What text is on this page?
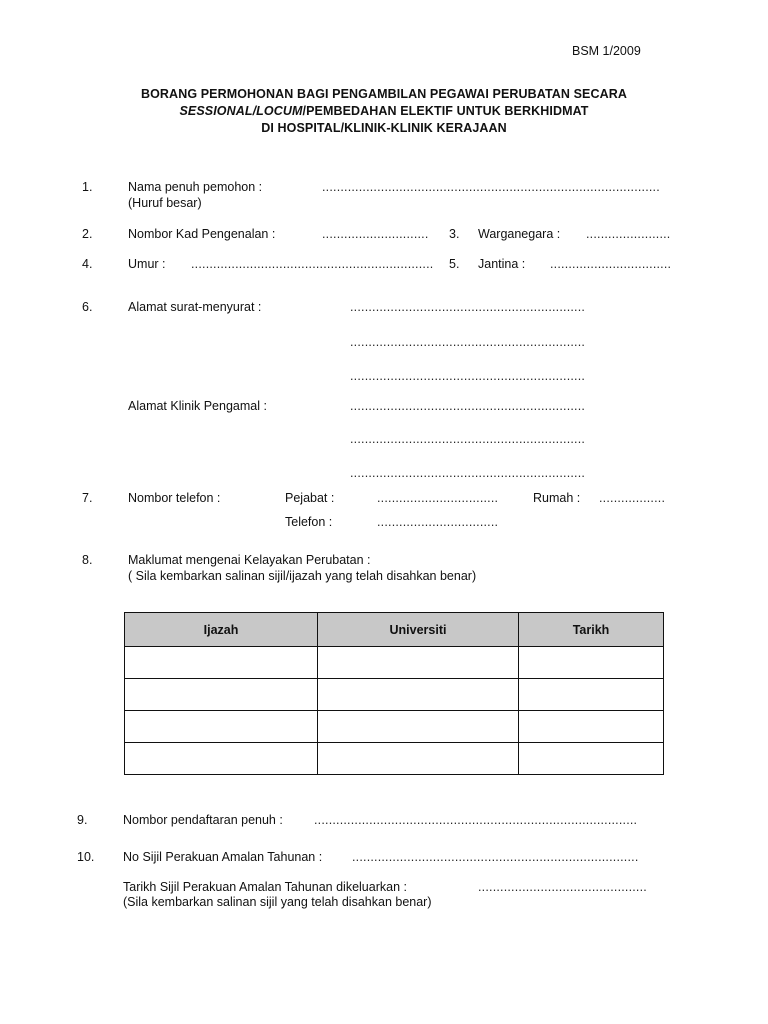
BSM 1/2009
BORANG PERMOHONAN BAGI PENGAMBILAN PEGAWAI PERUBATAN SECARA
SESSIONAL/LOCUM/PEMBEDAHAN ELEKTIF UNTUK BERKHIDMAT
DI HOSPITAL/KLINIK-KLINIK KERAJAAN
1.	Nama penuh pemohon :
(Huruf besar)
............................................................................................
2.	Nombor Kad Pengenalan :	............................. 3. Warganegara : .......................
4.	Umur : .................................................................. 5. Jantina : .................................
6.	Alamat surat-menyurat :	................................................................
................................................................
................................................................
Alamat Klinik Pengamal :	................................................................
................................................................
................................................................
7.	Nombor telefon :	Pejabat :	.................................	Rumah : ..................
Telefon :	.................................
8.	Maklumat mengenai Kelayakan Perubatan :
( Sila kembarkan salinan sijil/ijazah yang telah disahkan benar)
Ijazah	Universiti	Tarikh

9.	Nombor pendaftaran penuh : ........................................................................................
10. No Sijil Perakuan Amalan Tahunan : ..............................................................................
Tarikh Sijil Perakuan Amalan Tahunan dikeluarkan :	..............................................
(Sila kembarkan salinan sijil yang telah disahkan benar)
